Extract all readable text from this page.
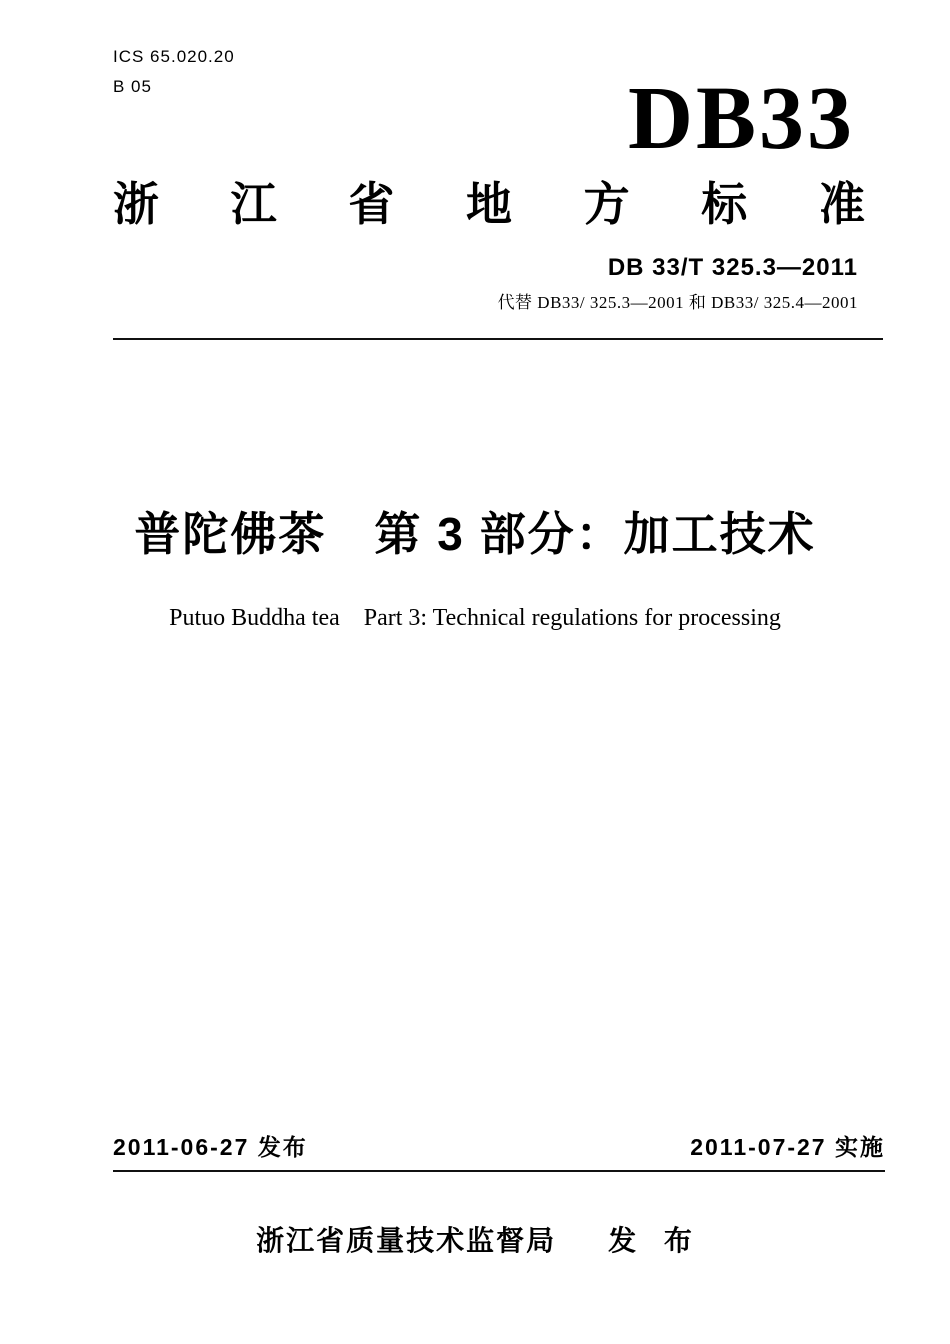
ICS 65.020.20
B 05	DB33
浙 江 省 地 方 标 准
DB 33/T 325.3—2011
代替 DB33/ 325.3—2001 和 DB33/ 325.4—2001
普陀佛茶　第 3 部分：加工技术
Putuo Buddha tea　Part 3: Technical regulations for processing
2011-06-27 发布	2011-07-27 实施
浙江省质量技术监督局 发 布
